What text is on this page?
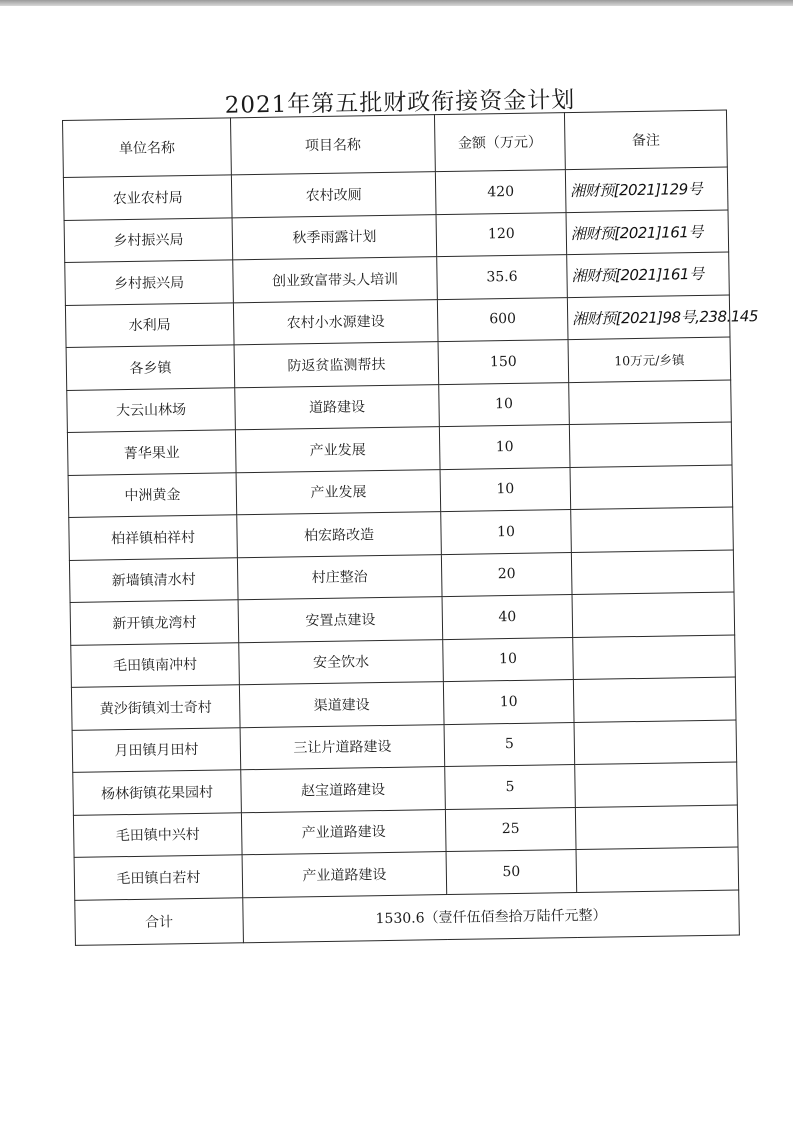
2021年第五批财政衔接资金计划
单位名称	项目名称	金额（万元）	备注
农业农村局	农村改厕	420	湘财预[2021]129号
乡村振兴局	秋季雨露计划	120	湘财预[2021]161号
乡村振兴局	创业致富带头人培训	35.6	湘财预[2021]161号
水利局	农村小水源建设	600	湘财预[2021]98号,238.145
各乡镇	防返贫监测帮扶	150	10万元/乡镇
大云山林场	道路建设	10	
菁华果业	产业发展	10	
中洲黄金	产业发展	10	
柏祥镇柏祥村	柏宏路改造	10	
新墙镇清水村	村庄整治	20	
新开镇龙湾村	安置点建设	40	
毛田镇南冲村	安全饮水	10	
黄沙街镇刘士奇村	渠道建设	10	
月田镇月田村	三让片道路建设	5	
杨林街镇花果园村	赵宝道路建设	5	
毛田镇中兴村	产业道路建设	25	
毛田镇白若村	产业道路建设	50	
合计	1530.6（壹仟伍佰叁拾万陆仟元整）		
